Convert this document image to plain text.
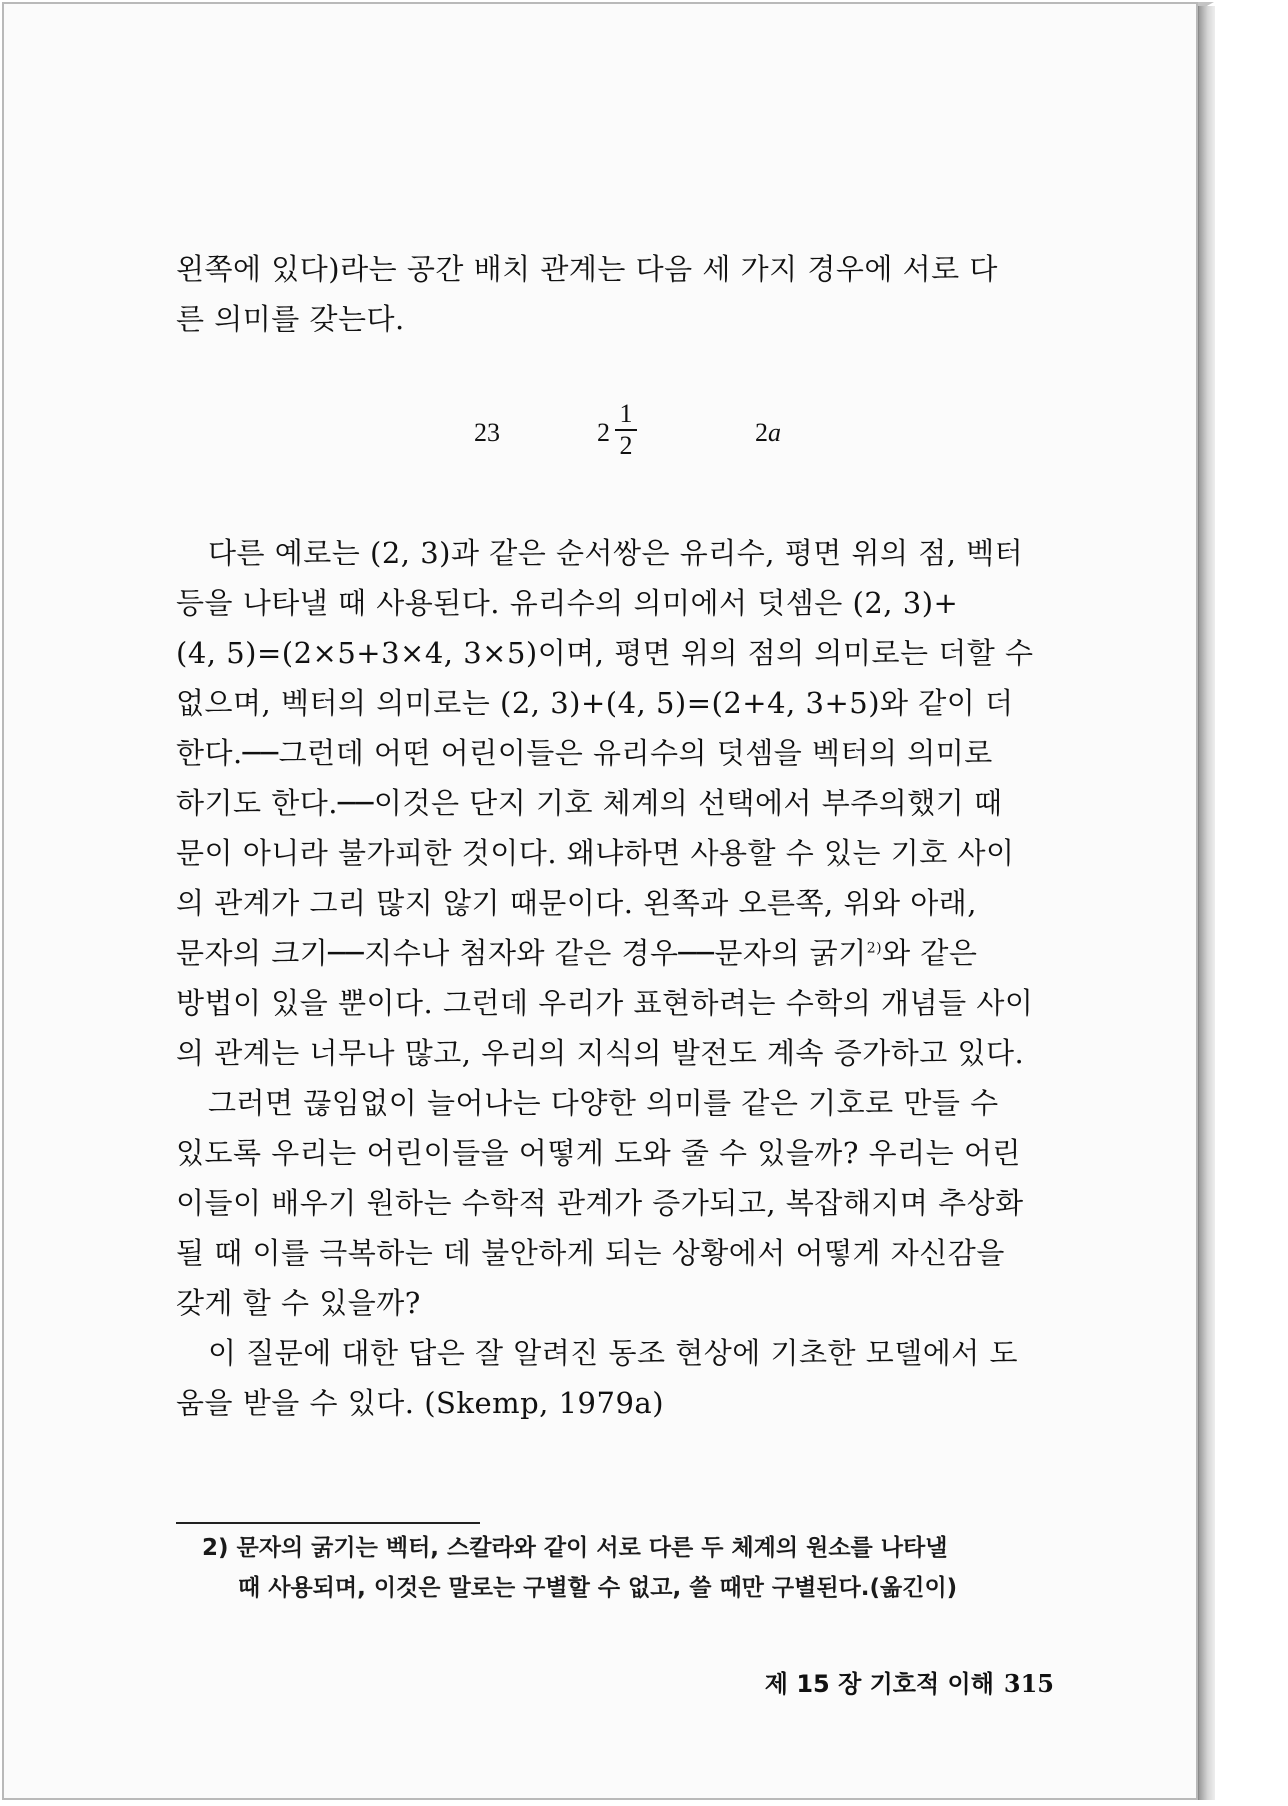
왼쪽에 있다)라는 공간 배치 관계는 다음 세 가지 경우에 서로 다

른 의미를 갖는다.

23	2
1
2	2a

다른 예로는 (2, 3)과 같은 순서쌍은 유리수, 평면 위의 점, 벡터

등을 나타낼 때 사용된다. 유리수의 의미에서 덧셈은 (2, 3)+

(4, 5)=(2×5+3×4, 3×5)이며, 평면 위의 점의 의미로는 더할 수

없으며, 벡터의 의미로는 (2, 3)+(4, 5)=(2+4, 3+5)와 같이 더

한다.──그런데 어떤 어린이들은 유리수의 덧셈을 벡터의 의미로

하기도 한다.──이것은 단지 기호 체계의 선택에서 부주의했기 때

문이 아니라 불가피한 것이다. 왜냐하면 사용할 수 있는 기호 사이

의 관계가 그리 많지 않기 때문이다. 왼쪽과 오른쪽, 위와 아래,

문자의 크기──지수나 첨자와 같은 경우──문자의 굵기$^{2)}$와 같은

방법이 있을 뿐이다. 그런데 우리가 표현하려는 수학의 개념들 사이

의 관계는 너무나 많고, 우리의 지식의 발전도 계속 증가하고 있다.

그러면 끊임없이 늘어나는 다양한 의미를 같은 기호로 만들 수

있도록 우리는 어린이들을 어떻게 도와 줄 수 있을까? 우리는 어린

이들이 배우기 원하는 수학적 관계가 증가되고, 복잡해지며 추상화

될 때 이를 극복하는 데 불안하게 되는 상황에서 어떻게 자신감을

갖게 할 수 있을까?

이 질문에 대한 답은 잘 알려진 동조 현상에 기초한 모델에서 도

움을 받을 수 있다. (Skemp, 1979a)

2) 문자의 굵기는 벡터, 스칼라와 같이 서로 다른 두 체계의 원소를 나타낼
때 사용되며, 이것은 말로는 구별할 수 없고, 쓸 때만 구별된다.(옮긴이)
제 15 장 기호적 이해 315
